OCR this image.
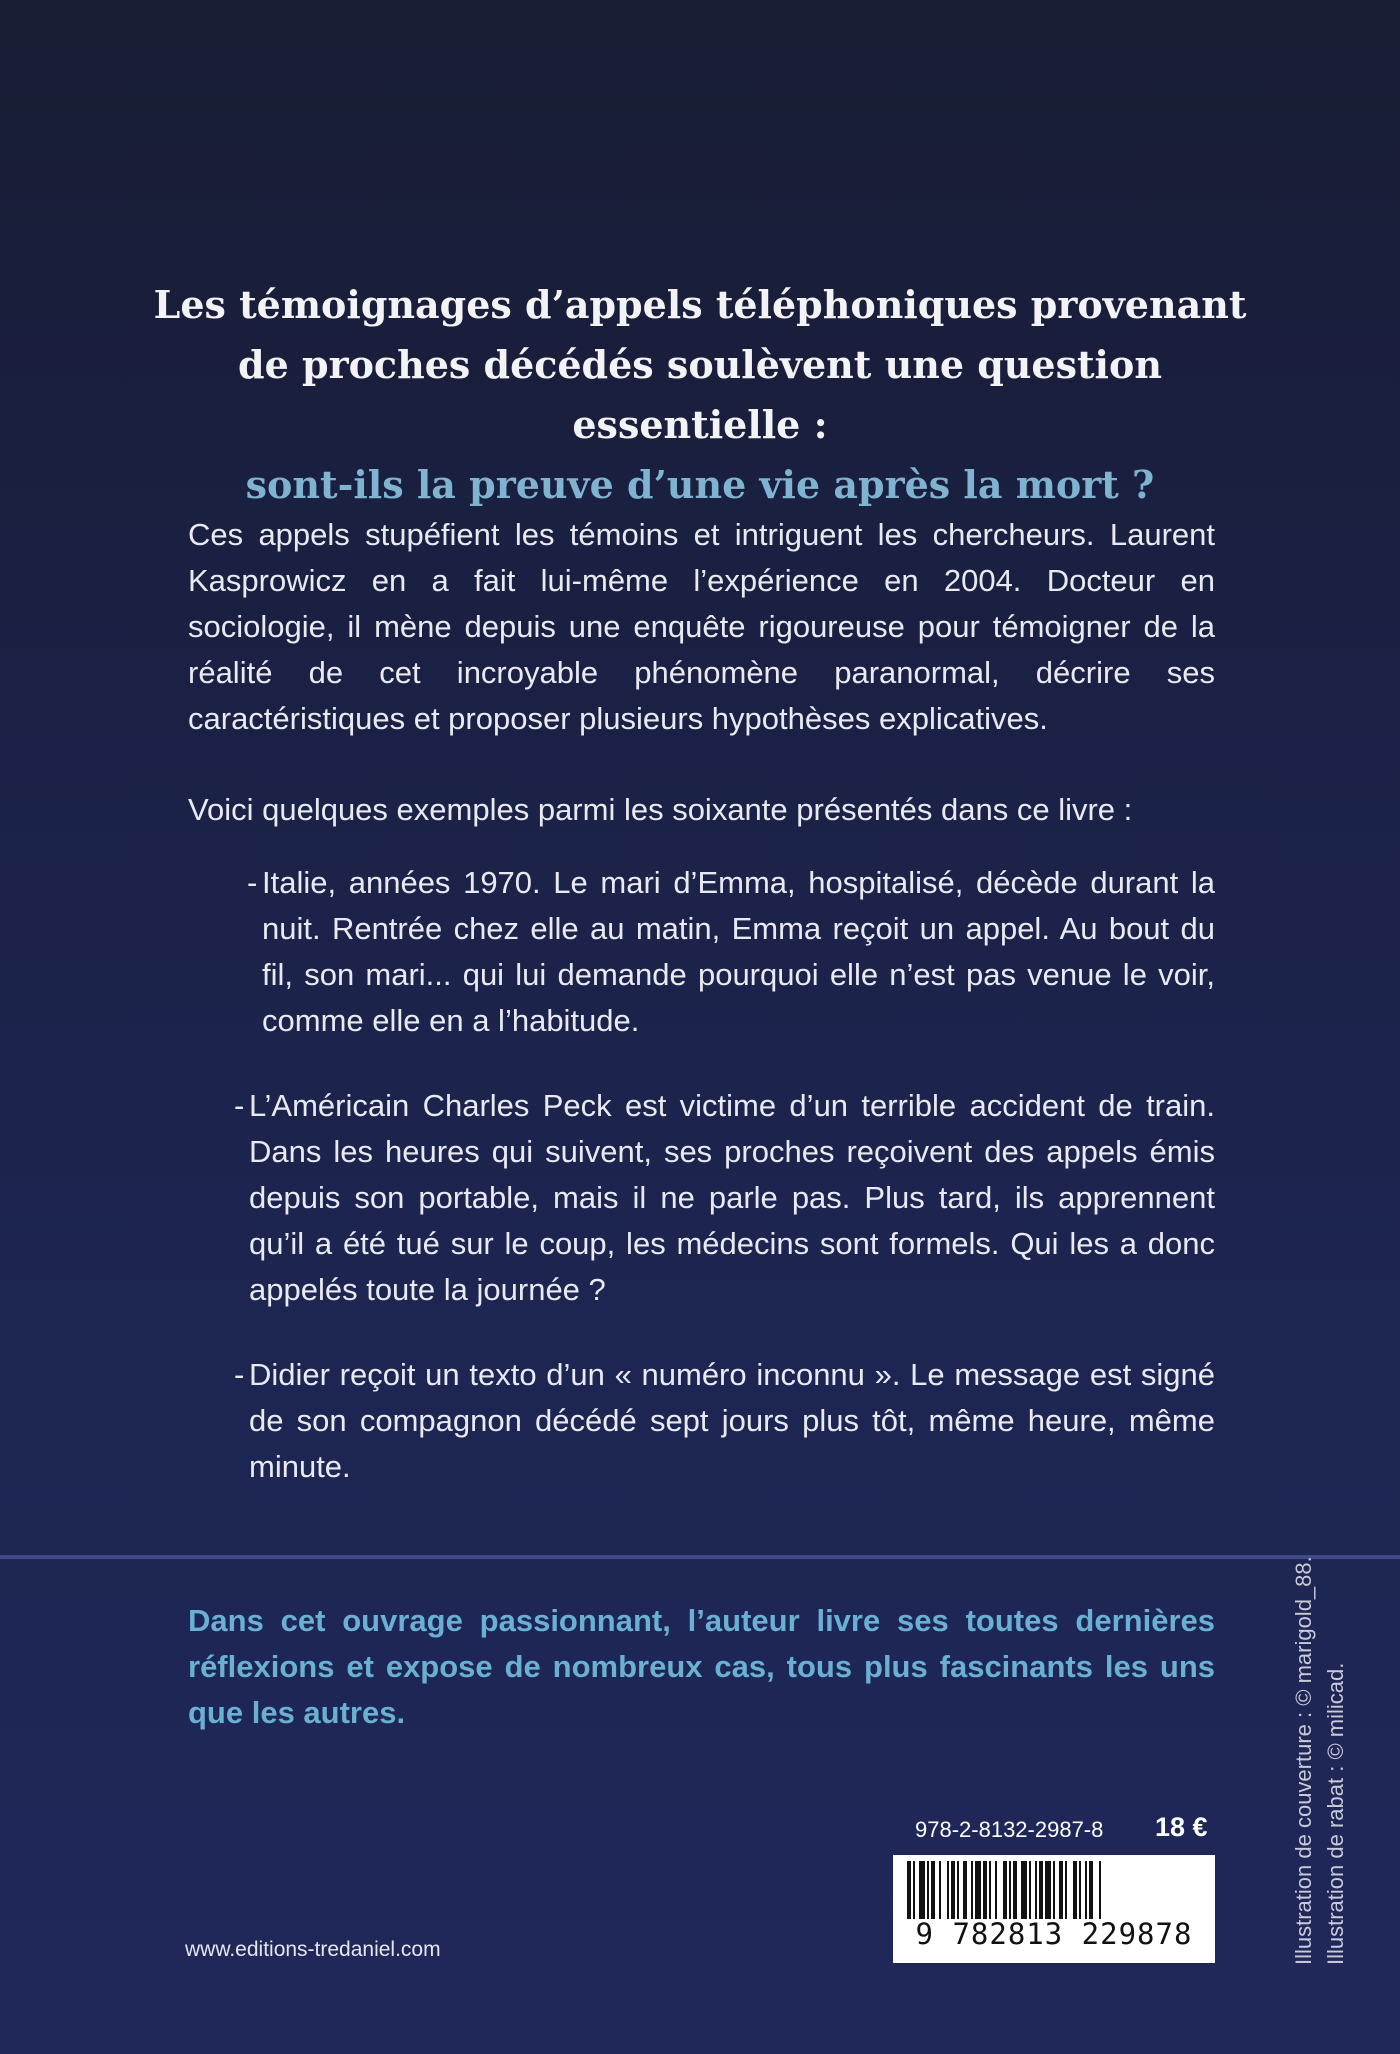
Les témoignages d’appels téléphoniques provenant
de proches décédés soulèvent une question essentielle :
sont-ils la preuve d’une vie après la mort ?
Ces appels stupéfient les témoins et intriguent les chercheurs. Laurent Kasprowicz en a fait lui-même l’expérience en 2004. Docteur en sociologie, il mène depuis une enquête rigoureuse pour témoigner de la réalité de cet incroyable phénomène paranormal, décrire ses caractéristiques et proposer plusieurs hypothèses explicatives.
Voici quelques exemples parmi les soixante présentés dans ce livre :
- Italie, années 1970. Le mari d’Emma, hospitalisé, décède durant la nuit. Rentrée chez elle au matin, Emma reçoit un appel. Au bout du fil, son mari... qui lui demande pourquoi elle n’est pas venue le voir, comme elle en a l’habitude.
- L’Américain Charles Peck est victime d’un terrible accident de train. Dans les heures qui suivent, ses proches reçoivent des appels émis depuis son portable, mais il ne parle pas. Plus tard, ils apprennent qu’il a été tué sur le coup, les médecins sont formels. Qui les a donc appelés toute la journée ?
- Didier reçoit un texto d’un « numéro inconnu ». Le message est signé de son compagnon décédé sept jours plus tôt, même heure, même minute.
Dans cet ouvrage passionnant, l’auteur livre ses toutes dernières réflexions et expose de nombreux cas, tous plus fascinants les uns que les autres.	Illustration de couverture : © marigold_88. Illustration de rabat : © milicad.
978-2-8132-2987-8 18 €
9 782813 229878
www.editions-tredaniel.com
